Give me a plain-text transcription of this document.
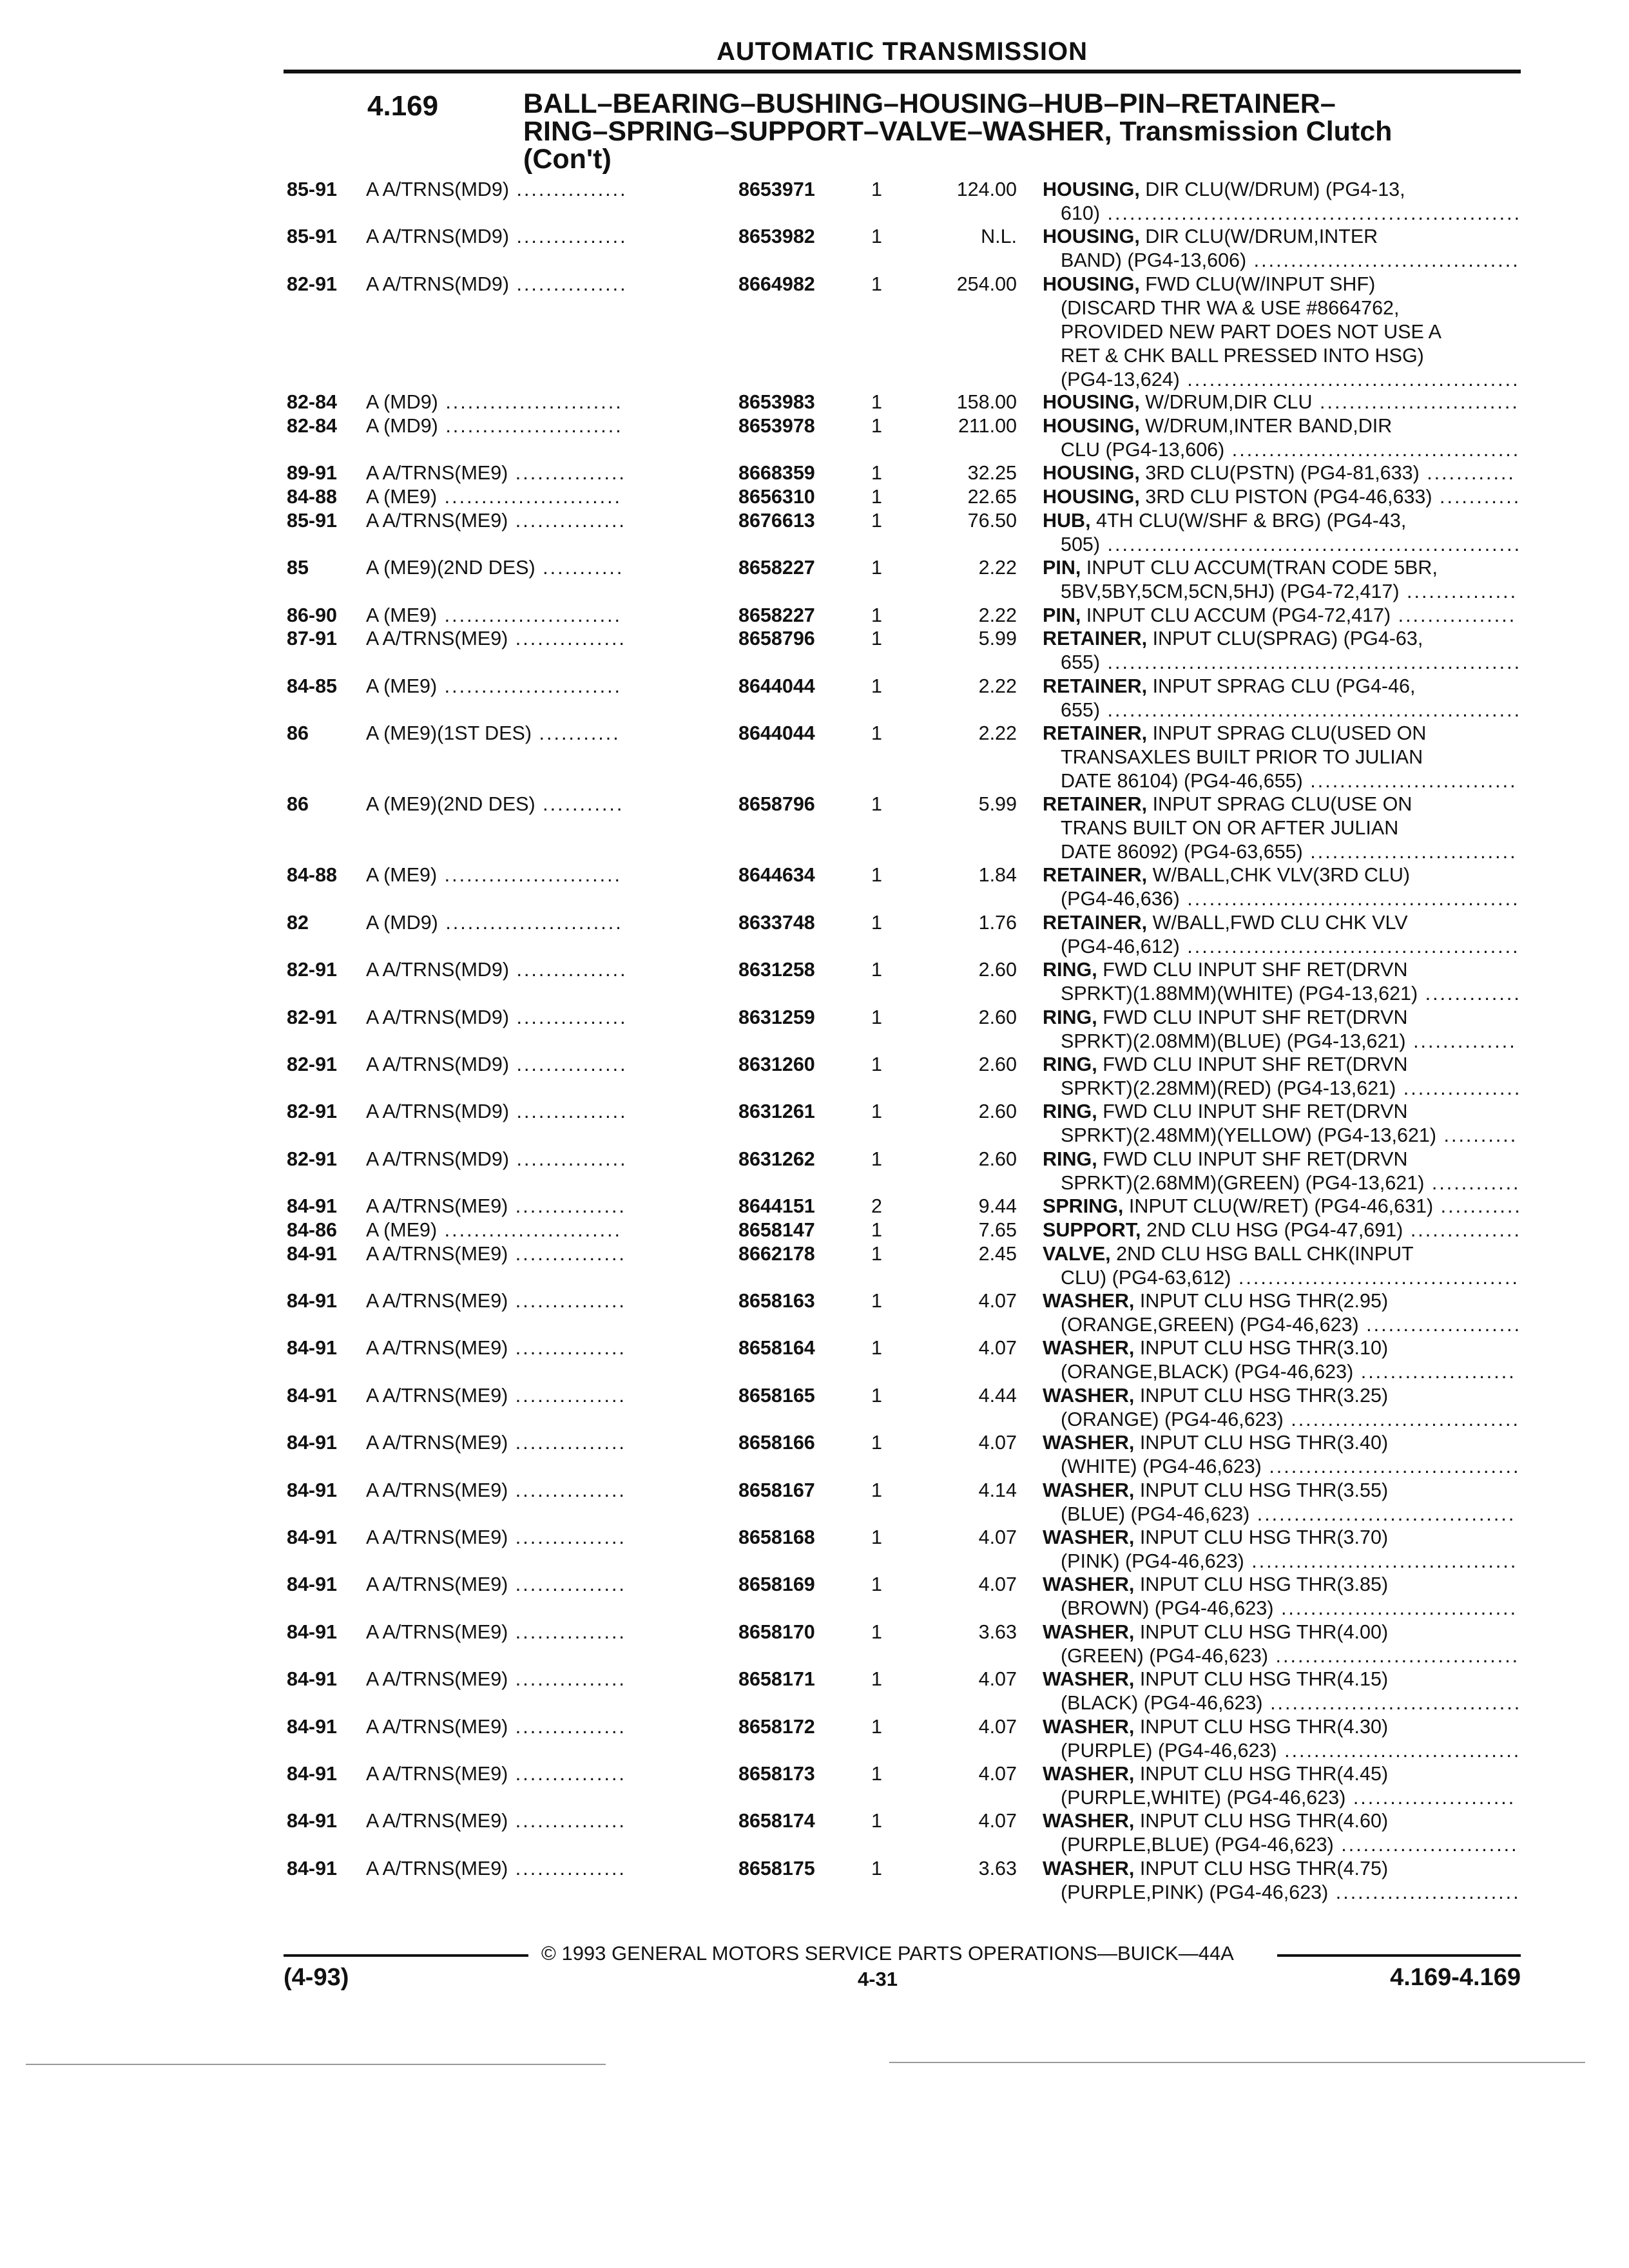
AUTOMATIC TRANSMISSION
4.169	BALL–BEARING–BUSHING–HOUSING–HUB–PIN–RETAINER–
RING–SPRING–SUPPORT–VALVE–WASHER, Transmission Clutch
(Con't)
85-91 A A/TRNS(MD9) ...............	8653971	1	124.00 HOUSING, DIR CLU(W/DRUM) (PG4-13,
610) ........................................................
85-91 A A/TRNS(MD9) ...............	8653982	1	N.L. HOUSING, DIR CLU(W/DRUM,INTER
BAND) (PG4-13,606) ....................................
82-91 A A/TRNS(MD9) ...............	8664982	1	254.00 HOUSING, FWD CLU(W/INPUT SHF)
(DISCARD THR WA & USE #8664762,
PROVIDED NEW PART DOES NOT USE A
RET & CHK BALL PRESSED INTO HSG)
(PG4-13,624) .............................................
82-84 A (MD9) ........................	8653983	1	158.00 HOUSING, W/DRUM,DIR CLU ...........................
82-84 A (MD9) ........................	8653978	1	211.00 HOUSING, W/DRUM,INTER BAND,DIR
CLU (PG4-13,606) .......................................
89-91 A A/TRNS(ME9) ...............	8668359	1	32.25 HOUSING, 3RD CLU(PSTN) (PG4-81,633) ............
84-88 A (ME9) ........................	8656310	1	22.65 HOUSING, 3RD CLU PISTON (PG4-46,633) ...........
85-91 A A/TRNS(ME9) ...............	8676613	1	76.50 HUB, 4TH CLU(W/SHF & BRG) (PG4-43,
505) ........................................................
85	A (ME9)(2ND DES) ...........	8658227	1	2.22 PIN, INPUT CLU ACCUM(TRAN CODE 5BR,
5BV,5BY,5CM,5CN,5HJ) (PG4-72,417) ...............
86-90 A (ME9) ........................	8658227	1	2.22 PIN, INPUT CLU ACCUM (PG4-72,417) ................
87-91 A A/TRNS(ME9) ...............	8658796	1	5.99 RETAINER, INPUT CLU(SPRAG) (PG4-63,
655) ........................................................
84-85 A (ME9) ........................	8644044	1	2.22 RETAINER, INPUT SPRAG CLU (PG4-46,
655) ........................................................
86	A (ME9)(1ST DES) ...........	8644044	1	2.22 RETAINER, INPUT SPRAG CLU(USED ON
TRANSAXLES BUILT PRIOR TO JULIAN
DATE 86104) (PG4-46,655) ............................
86	A (ME9)(2ND DES) ...........	8658796	1	5.99 RETAINER, INPUT SPRAG CLU(USE ON
TRANS BUILT ON OR AFTER JULIAN
DATE 86092) (PG4-63,655) ............................
84-88 A (ME9) ........................	8644634	1	1.84 RETAINER, W/BALL,CHK VLV(3RD CLU)
(PG4-46,636) .............................................
82	A (MD9) ........................	8633748	1	1.76 RETAINER, W/BALL,FWD CLU CHK VLV
(PG4-46,612) .............................................
82-91 A A/TRNS(MD9) ...............	8631258	1	2.60 RING, FWD CLU INPUT SHF RET(DRVN
SPRKT)(1.88MM)(WHITE) (PG4-13,621) .............
82-91 A A/TRNS(MD9) ...............	8631259	1	2.60 RING, FWD CLU INPUT SHF RET(DRVN
SPRKT)(2.08MM)(BLUE) (PG4-13,621) ..............
82-91 A A/TRNS(MD9) ...............	8631260	1	2.60 RING, FWD CLU INPUT SHF RET(DRVN
SPRKT)(2.28MM)(RED) (PG4-13,621) ................
82-91 A A/TRNS(MD9) ...............	8631261	1	2.60 RING, FWD CLU INPUT SHF RET(DRVN
SPRKT)(2.48MM)(YELLOW) (PG4-13,621) ..........
82-91 A A/TRNS(MD9) ...............	8631262	1	2.60 RING, FWD CLU INPUT SHF RET(DRVN
SPRKT)(2.68MM)(GREEN) (PG4-13,621) ............
84-91 A A/TRNS(ME9) ...............	8644151	2	9.44 SPRING, INPUT CLU(W/RET) (PG4-46,631) ...........
84-86 A (ME9) ........................	8658147	1	7.65 SUPPORT, 2ND CLU HSG (PG4-47,691) ...............
84-91 A A/TRNS(ME9) ...............	8662178	1	2.45 VALVE, 2ND CLU HSG BALL CHK(INPUT
CLU) (PG4-63,612) ......................................
84-91 A A/TRNS(ME9) ...............	8658163	1	4.07 WASHER, INPUT CLU HSG THR(2.95)
(ORANGE,GREEN) (PG4-46,623) .....................
84-91 A A/TRNS(ME9) ...............	8658164	1	4.07 WASHER, INPUT CLU HSG THR(3.10)
(ORANGE,BLACK) (PG4-46,623) .....................
84-91 A A/TRNS(ME9) ...............	8658165	1	4.44 WASHER, INPUT CLU HSG THR(3.25)
(ORANGE) (PG4-46,623) ...............................
84-91 A A/TRNS(ME9) ...............	8658166	1	4.07 WASHER, INPUT CLU HSG THR(3.40)
(WHITE) (PG4-46,623) ..................................
84-91 A A/TRNS(ME9) ...............	8658167	1	4.14 WASHER, INPUT CLU HSG THR(3.55)
(BLUE) (PG4-46,623) ...................................
84-91 A A/TRNS(ME9) ...............	8658168	1	4.07 WASHER, INPUT CLU HSG THR(3.70)
(PINK) (PG4-46,623) ....................................
84-91 A A/TRNS(ME9) ...............	8658169	1	4.07 WASHER, INPUT CLU HSG THR(3.85)
(BROWN) (PG4-46,623) ................................
84-91 A A/TRNS(ME9) ...............	8658170	1	3.63 WASHER, INPUT CLU HSG THR(4.00)
(GREEN) (PG4-46,623) .................................
84-91 A A/TRNS(ME9) ...............	8658171	1	4.07 WASHER, INPUT CLU HSG THR(4.15)
(BLACK) (PG4-46,623) ..................................
84-91 A A/TRNS(ME9) ...............	8658172	1	4.07 WASHER, INPUT CLU HSG THR(4.30)
(PURPLE) (PG4-46,623) ................................
84-91 A A/TRNS(ME9) ...............	8658173	1	4.07 WASHER, INPUT CLU HSG THR(4.45)
(PURPLE,WHITE) (PG4-46,623) ......................
84-91 A A/TRNS(ME9) ...............	8658174	1	4.07 WASHER, INPUT CLU HSG THR(4.60)
(PURPLE,BLUE) (PG4-46,623) ........................
84-91 A A/TRNS(ME9) ...............	8658175	1	3.63 WASHER, INPUT CLU HSG THR(4.75)
(PURPLE,PINK) (PG4-46,623) .........................
© 1993 GENERAL MOTORS SERVICE PARTS OPERATIONS—BUICK—44A
(4-93)	4-31	4.169-4.169
